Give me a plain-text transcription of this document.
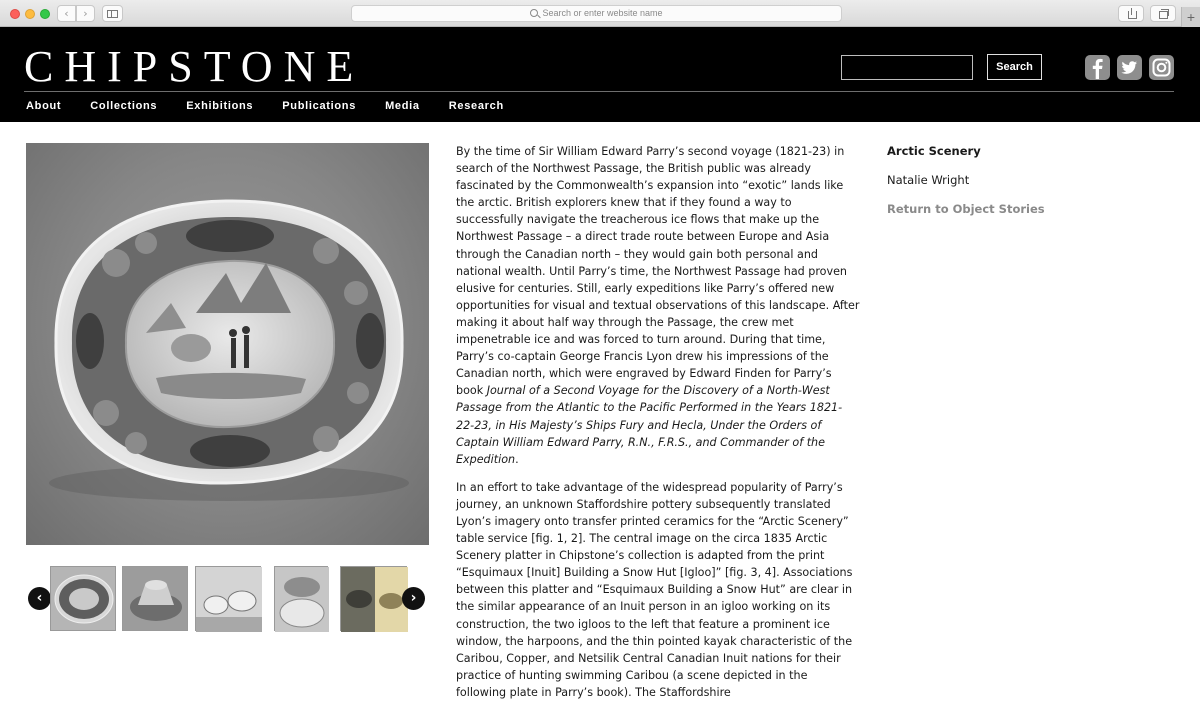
‹	›	Search or enter website name	+
CHIPSTONE	Search
About	Collections	Exhibitions	Publications	Media	Research
‹	›

By the time of Sir William Edward Parry’s second voyage (1821-23) in search of the Northwest Passage, the British public was already fascinated by the Commonwealth’s expansion into “exotic” lands like the arctic. British explorers knew that if they found a way to successfully navigate the treacherous ice flows that make up the Northwest Passage – a direct trade route between Europe and Asia through the Canadian north – they would gain both personal and national wealth. Until Parry’s time, the Northwest Passage had proven elusive for centuries. Still, early expeditions like Parry’s offered new opportunities for visual and textual observations of this landscape. After making it about half way through the Passage, the crew met impenetrable ice and was forced to turn around. During that time, Parry’s co-captain George Francis Lyon drew his impressions of the Canadian north, which were engraved by Edward Finden for Parry’s book Journal of a Second Voyage for the Discovery of a North-West Passage from the Atlantic to the Pacific Performed in the Years 1821-22-23, in His Majesty’s Ships Fury and Hecla, Under the Orders of Captain William Edward Parry, R.N., F.R.S., and Commander of the Expedition.

In an effort to take advantage of the widespread popularity of Parry’s journey, an unknown Staffordshire pottery subsequently translated Lyon’s imagery onto transfer printed ceramics for the “Arctic Scenery” table service [fig. 1, 2]. The central image on the circa 1835 Arctic Scenery platter in Chipstone’s collection is adapted from the print “Esquimaux [Inuit] Building a Snow Hut [Igloo]” [fig. 3, 4]. Associations between this platter and “Esquimaux Building a Snow Hut” are clear in the similar appearance of an Inuit person in an igloo working on its construction, the two igloos to the left that feature a prominent ice window, the harpoons, and the thin pointed kayak characteristic of the Caribou, Copper, and Netsilik Central Canadian Inuit nations for their practice of hunting swimming Caribou (a scene depicted in the following plate in Parry’s book). The Staffordshire

Arctic Scenery
Natalie Wright
Return to Object Stories
